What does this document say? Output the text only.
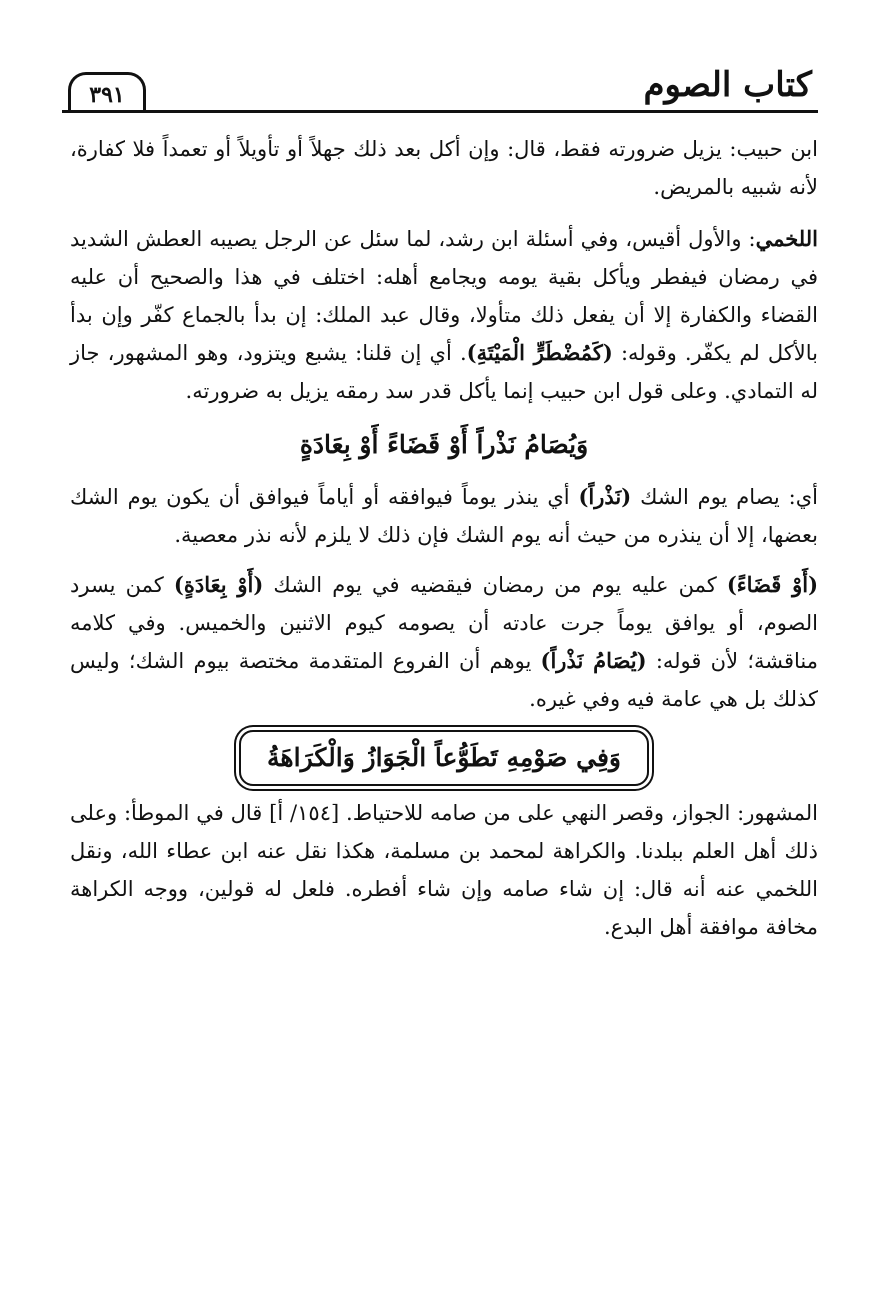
كتاب الصوم
٣٩١

ابن حبيب: يزيل ضرورته فقط، قال: وإن أكل بعد ذلك جهلاً أو تأويلاً أو تعمداً فلا كفارة، لأنه شبيه بالمريض.

اللخمي: والأول أقيس، وفي أسئلة ابن رشد، لما سئل عن الرجل يصيبه العطش الشديد في رمضان فيفطر ويأكل بقية يومه ويجامع أهله: اختلف في هذا والصحيح أن عليه القضاء والكفارة إلا أن يفعل ذلك متأولا، وقال عبد الملك: إن بدأ بالجماع كفّر وإن بدأ بالأكل لم يكفّر. وقوله: (كَمُضْطَرٍّ الْمَيْتَةِ). أي إن قلنا: يشبع ويتزود، وهو المشهور، جاز له التمادي. وعلى قول ابن حبيب إنما يأكل قدر سد رمقه يزيل به ضرورته.

وَيُصَامُ نَذْراً أَوْ قَضَاءً أَوْ بِعَادَةٍ

أي: يصام يوم الشك (نَذْراً) أي ينذر يوماً فيوافقه أو أياماً فيوافق أن يكون يوم الشك بعضها، إلا أن ينذره من حيث أنه يوم الشك فإن ذلك لا يلزم لأنه نذر معصية.

(أَوْ قَضَاءً) كمن عليه يوم من رمضان فيقضيه في يوم الشك (أَوْ بِعَادَةٍ) كمن يسرد الصوم، أو يوافق يوماً جرت عادته أن يصومه كيوم الاثنين والخميس. وفي كلامه مناقشة؛ لأن قوله: (يُصَامُ نَذْراً) يوهم أن الفروع المتقدمة مختصة بيوم الشك؛ وليس كذلك بل هي عامة فيه وفي غيره.

وَفِي صَوْمِهِ تَطَوُّعاً الْجَوَازُ وَالْكَرَاهَةُ

المشهور: الجواز، وقصر النهي على من صامه للاحتياط. [١٥٤/ أ] قال في الموطأ: وعلى ذلك أهل العلم ببلدنا. والكراهة لمحمد بن مسلمة، هكذا نقل عنه ابن عطاء الله، ونقل اللخمي عنه أنه قال: إن شاء صامه وإن شاء أفطره. فلعل له قولين، ووجه الكراهة مخافة موافقة أهل البدع.
